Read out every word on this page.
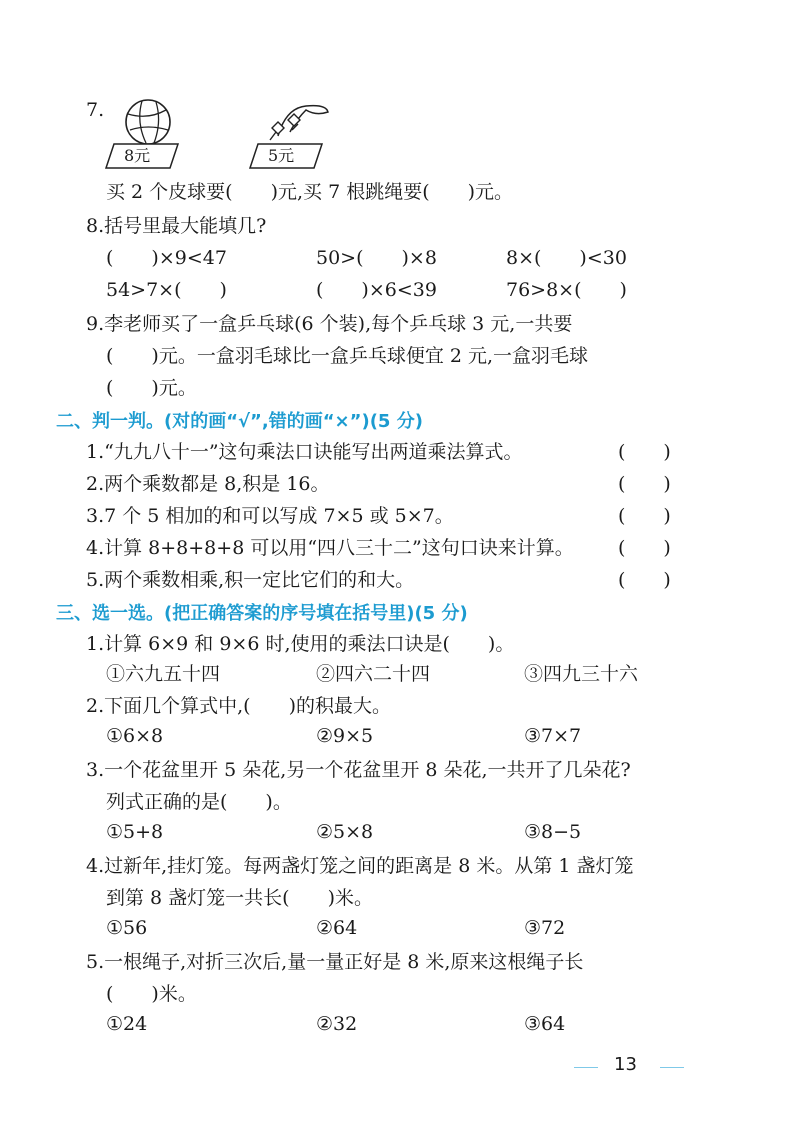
7.
8元	5元
买 2 个皮球要(　　)元,买 7 根跳绳要(　　)元。
8.括号里最大能填几?
(　　)×9<47	50>(　　)×8	8×(　　)<30
54>7×(　　)	(　　)×6<39	76>8×(　　)
9.李老师买了一盒乒乓球(6 个装),每个乒乓球 3 元,一共要
(　　)元。一盒羽毛球比一盒乒乓球便宜 2 元,一盒羽毛球
(　　)元。
二、判一判。(对的画“√”,错的画“×”)(5 分)
1.“九九八十一”这句乘法口诀能写出两道乘法算式。	(　　)
2.两个乘数都是 8,积是 16。	(　　)
3.7 个 5 相加的和可以写成 7×5 或 5×7。	(　　)
4.计算 8+8+8+8 可以用“四八三十二”这句口诀来计算。 (　　)
5.两个乘数相乘,积一定比它们的和大。	(　　)
三、选一选。(把正确答案的序号填在括号里)(5 分)
1.计算 6×9 和 9×6 时,使用的乘法口诀是(　　)。
①六九五十四	②四六二十四	③四九三十六
2.下面几个算式中,(　　)的积最大。
①6×8	②9×5	③7×7
3.一个花盆里开 5 朵花,另一个花盆里开 8 朵花,一共开了几朵花?
列式正确的是(　　)。
①5+8	②5×8	③8−5
4.过新年,挂灯笼。每两盏灯笼之间的距离是 8 米。从第 1 盏灯笼
到第 8 盏灯笼一共长(　　)米。
①56	②64	③72
5.一根绳子,对折三次后,量一量正好是 8 米,原来这根绳子长
(　　)米。
①24	②32	③64
13
